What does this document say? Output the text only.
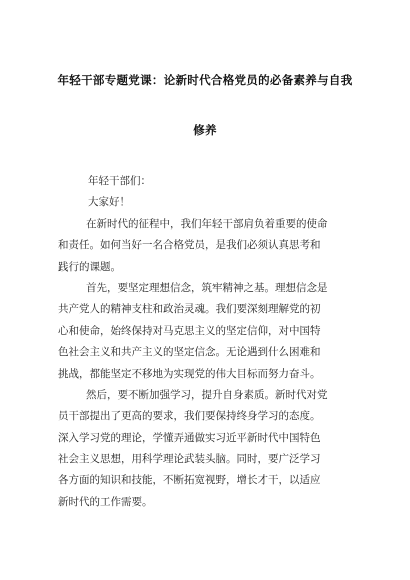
年轻干部专题党课：论新时代合格党员的必备素养与自我
修养
年轻干部们：
大家好！
在新时代的征程中，我们年轻干部肩负着重要的使命
和责任。如何当好一名合格党员，是我们必须认真思考和
践行的课题。
首先，要坚定理想信念，筑牢精神之基。理想信念是
共产党人的精神支柱和政治灵魂。我们要深刻理解党的初
心和使命，始终保持对马克思主义的坚定信仰，对中国特
色社会主义和共产主义的坚定信念。无论遇到什么困难和
挑战，都能坚定不移地为实现党的伟大目标而努力奋斗。
然后，要不断加强学习，提升自身素质。新时代对党
员干部提出了更高的要求，我们要保持终身学习的态度。
深入学习党的理论，学懂弄通做实习近平新时代中国特色
社会主义思想，用科学理论武装头脑。同时，要广泛学习
各方面的知识和技能，不断拓宽视野，增长才干，以适应
新时代的工作需要。
